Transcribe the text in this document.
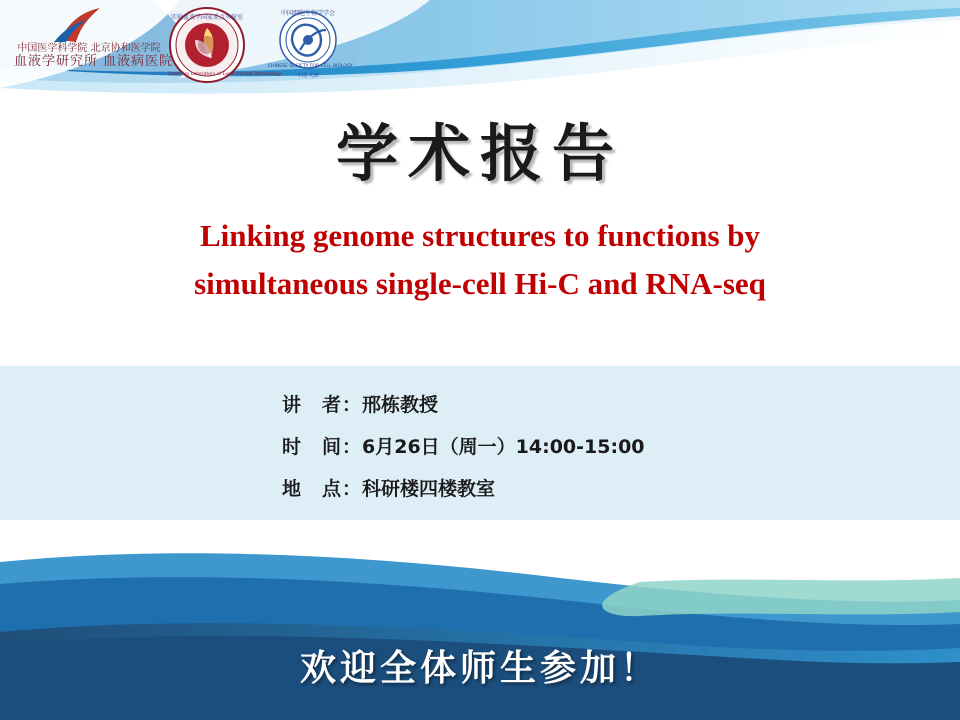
中国医学科学院 北京协和医学院
血液学研究所 血液病医院
实验血液学国家重点实验室
State Key Laboratory of Experimental Hematology
中国细胞生物学学会
CHINESE SOCIETY FOR CELL BIOLOGY
中国·天津
学术报告
Linking genome structures to functions by
simultaneous single-cell Hi-C and RNA-seq
讲　者：邢栋教授
时　间：6月26日（周一）14:00-15:00
地　点：科研楼四楼教室
欢迎全体师生参加！
